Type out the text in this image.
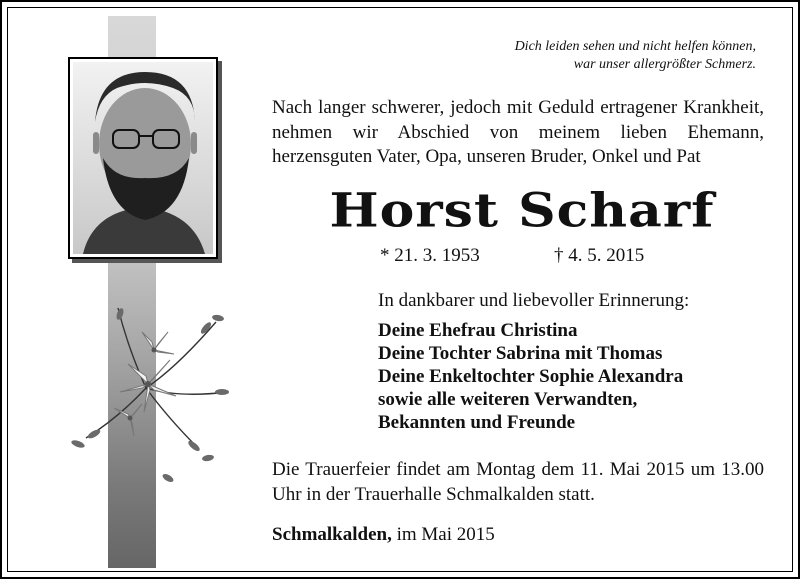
Dich leiden sehen und nicht helfen können,
war unser allergrößter Schmerz.
Nach langer schwerer, jedoch mit Geduld ertragener Krankheit, nehmen wir Abschied von meinem lieben Ehemann, herzensguten Vater, Opa, unseren Bruder, Onkel und Pat
Horst Scharf
* 21. 3. 1953	† 4. 5. 2015
In dankbarer und liebevoller Erinnerung:
Deine Ehefrau Christina
Deine Tochter Sabrina mit Thomas
Deine Enkeltochter Sophie Alexandra
sowie alle weiteren Verwandten,
Bekannten und Freunde
Die Trauerfeier findet am Montag dem 11. Mai 2015 um 13.00 Uhr in der Trauerhalle Schmalkalden statt.
Schmalkalden, im Mai 2015
